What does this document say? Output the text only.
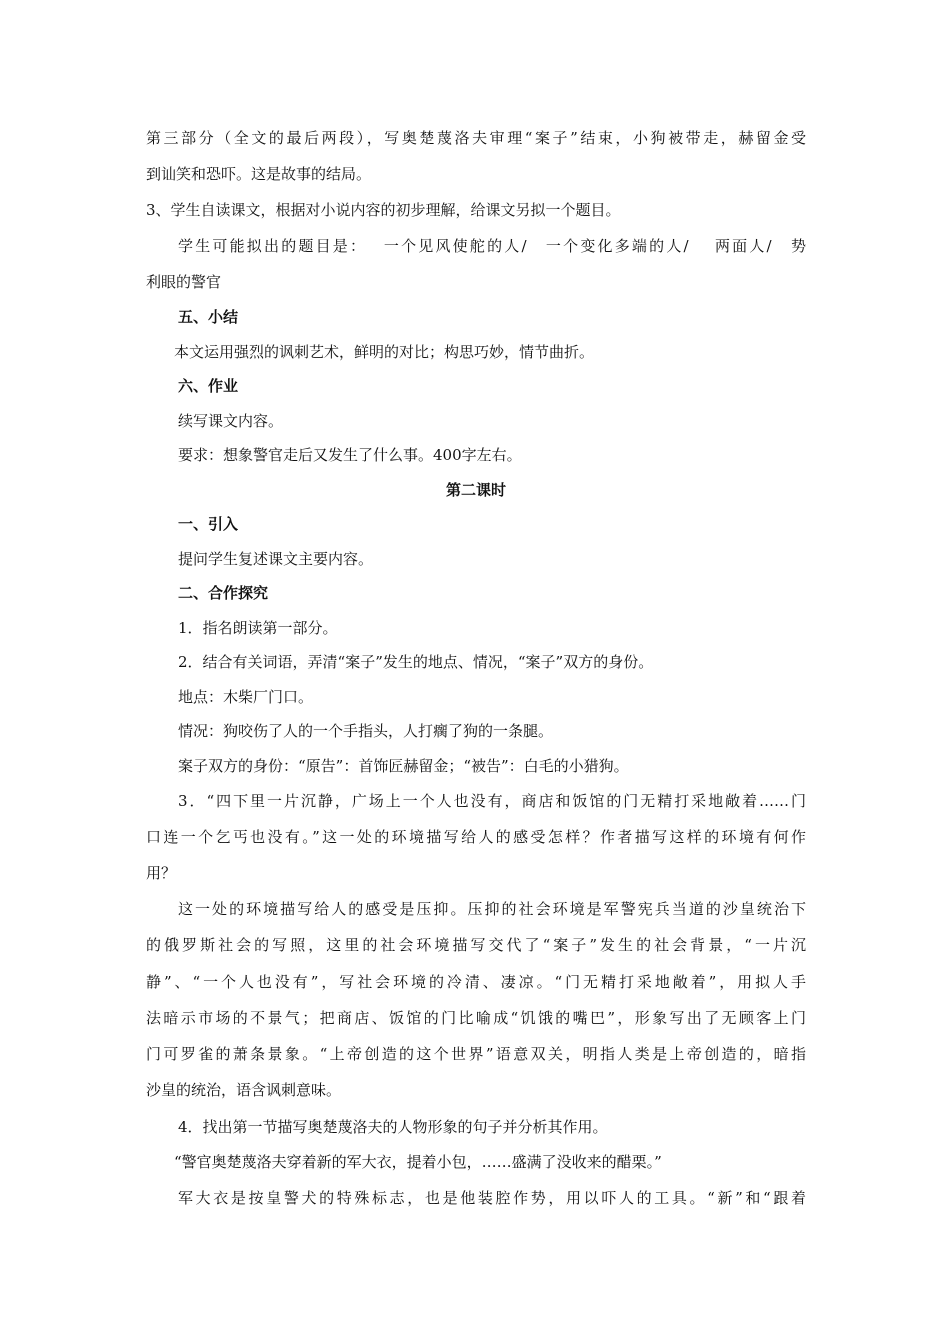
第三部分（全文的最后两段），写奥楚蔑洛夫审理“案子”结束，小狗被带走，赫留金受
到讪笑和恐吓。这是故事的结局。
3、学生自读课文，根据对小说内容的初步理解，给课文另拟一个题目。
学生可能拟出的题目是：　 一个见风使舵的人/　一个变化多端的人/　 两面人/　势
利眼的警官
五、小结
本文运用强烈的讽刺艺术，鲜明的对比；构思巧妙，情节曲折。
六、作业
续写课文内容。
要求：想象警官走后又发生了什么事。400字左右。
第二课时
一、引入
提问学生复述课文主要内容。
二、合作探究
1．指名朗读第一部分。
2．结合有关词语，弄清“案子”发生的地点、情况，“案子”双方的身份。
地点：木柴厂门口。
情况：狗咬伤了人的一个手指头，人打瘸了狗的一条腿。
案子双方的身份：“原告”：首饰匠赫留金；“被告”：白毛的小猎狗。
3．“四下里一片沉静，广场上一个人也没有，商店和饭馆的门无精打采地敞着……门
口连一个乞丐也没有。”这一处的环境描写给人的感受怎样？作者描写这样的环境有何作
用？
这一处的环境描写给人的感受是压抑。压抑的社会环境是军警宪兵当道的沙皇统治下
的俄罗斯社会的写照，这里的社会环境描写交代了“案子”发生的社会背景，“一片沉
静”、“一个人也没有”，写社会环境的冷清、凄凉。“门无精打采地敞着”，用拟人手
法暗示市场的不景气；把商店、饭馆的门比喻成“饥饿的嘴巴”，形象写出了无顾客上门
门可罗雀的萧条景象。“上帝创造的这个世界”语意双关，明指人类是上帝创造的，暗指
沙皇的统治，语含讽刺意味。
4．找出第一节描写奥楚蔑洛夫的人物形象的句子并分析其作用。
“警官奥楚蔑洛夫穿着新的军大衣，提着小包，……盛满了没收来的醋栗。”
军大衣是按皇警犬的特殊标志，也是他装腔作势，用以吓人的工具。“新”和“跟着
